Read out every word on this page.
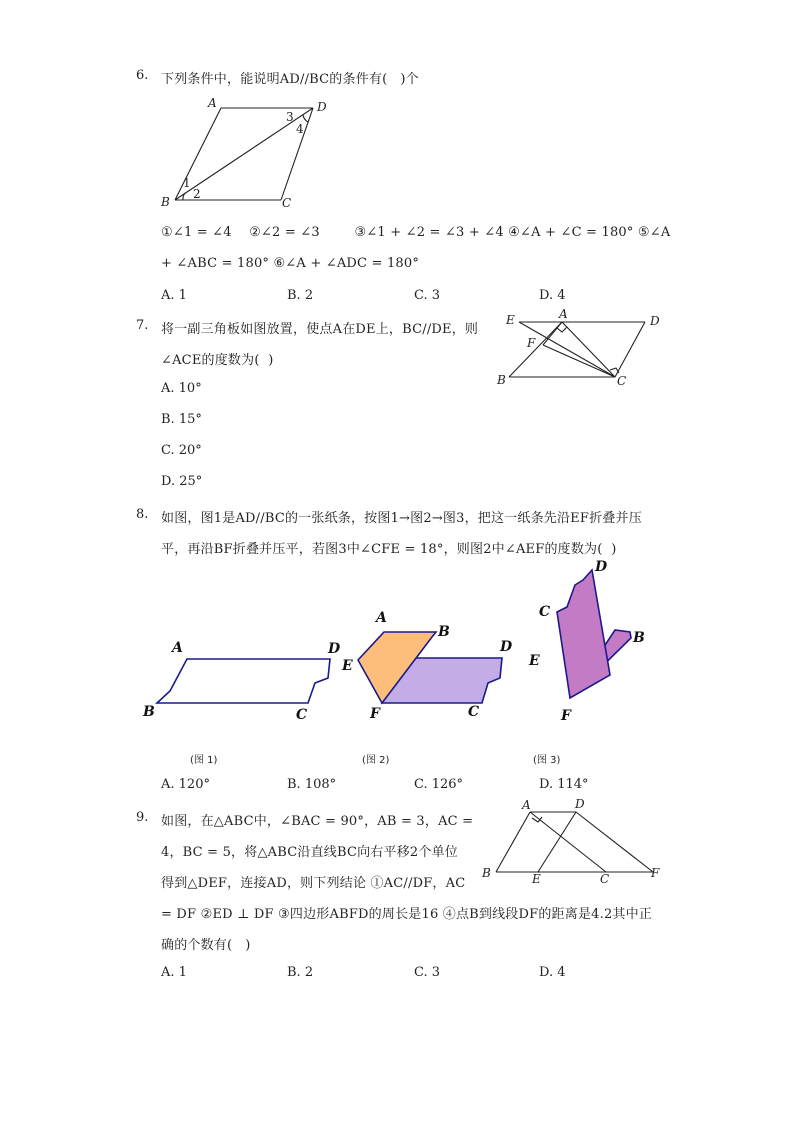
6. 下列条件中，能说明AD//BC的条件有(   )个
A	D
B	C
1
2
3
4
①∠1 = ∠4    ②∠2 = ∠3        ③∠1 + ∠2 = ∠3 + ∠4 ④∠A + ∠C = 180° ⑤∠A
+ ∠ABC = 180° ⑥∠A + ∠ADC = 180°
A. 1	B. 2	C. 3	D. 4
7. 将一副三角板如图放置，使点A在DE上，BC//DE，则
∠ACE的度数为(  )
E	A	D
F
B	C
A. 10°
B. 15°
C. 20°
D. 25°
8. 如图，图1是AD//BC的一张纸条，按图1→图2→图3，把这一纸条先沿EF折叠并压
平，再沿BF折叠并压平，若图3中∠CFE = 18°，则图2中∠AEF的度数为(  )
A	D
B	C
(图 1)
A
B
D
E
F	C
(图 2)
D
C
B
E
F
(图 3)
A. 120°	B. 108°	C. 126°	D. 114°
9. 如图，在△ABC中，∠BAC = 90°，AB = 3，AC =
4，BC = 5，将△ABC沿直线BC向右平移2个单位
得到△DEF，连接AD，则下列结论 ①AC//DF，AC
= DF ②ED ⊥ DF ③四边形ABFD的周长是16 ④点B到线段DF的距离是4.2其中正
确的个数有(   )
A	D
B	E	C	F
A. 1	B. 2	C. 3	D. 4
